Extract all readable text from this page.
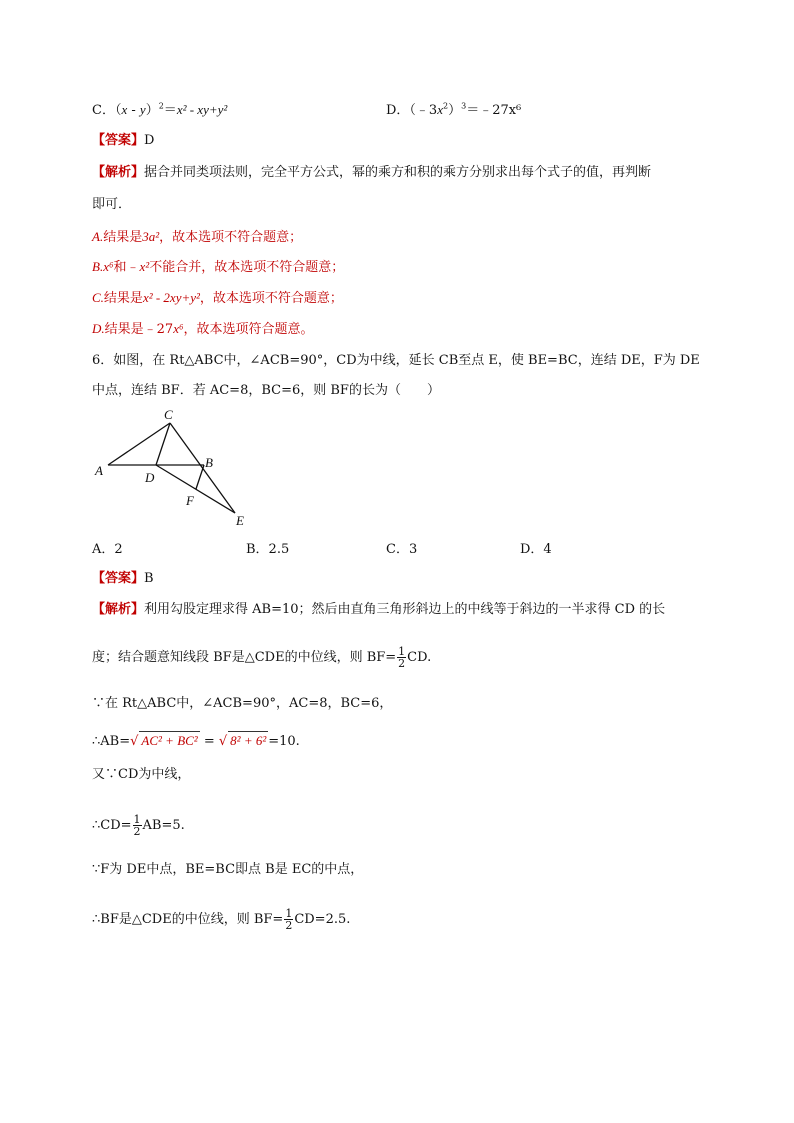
C．（x - y）$^2$＝x² - xy+y²	D．$(﹣3x^2)^3=﹣27x^6$
【答案】D
【解析】据合并同类项法则，完全平方公式，幂的乘方和积的乘方分别求出每个式子的值，再判断
即可．
A.结果是3a²，故本选项不符合题意；
B.x⁶和﹣x²不能合并，故本选项不符合题意；
C.结果是x² - 2xy+y²，故本选项不符合题意；
D.结果是﹣27x⁶，故本选项符合题意。
6．如图，在 Rt△ABC中，∠ACB=90°，CD为中线，延长 CB至点 E，使 BE=BC，连结 DE，F为 DE
中点，连结 BF．若 AC=8，BC=6，则 BF的长为（　　）
C
A
B
D
F
E
A．2	B．2.5	C．3	D．4
【答案】B
【解析】利用勾股定理求得 AB=10；然后由直角三角形斜边上的中线等于斜边的一半求得 CD 的长
度；结合题意知线段 BF是△CDE的中位线，则 $BF= \frac{1}{2}$ CD.
∵在 Rt△ABC中，∠ACB=90°，AC=8，BC=6，
∴AB=√ AC² + BC² = √ 8² + 6² =10.
又∵CD为中线，
∴CD= $\frac{1}{2} AB=5$.
∵F为 DE中点，BE=BC即点 B是 EC的中点，
∴BF是△CDE的中位线，则 $BF= \frac{1}{2} CD=2.5$.
